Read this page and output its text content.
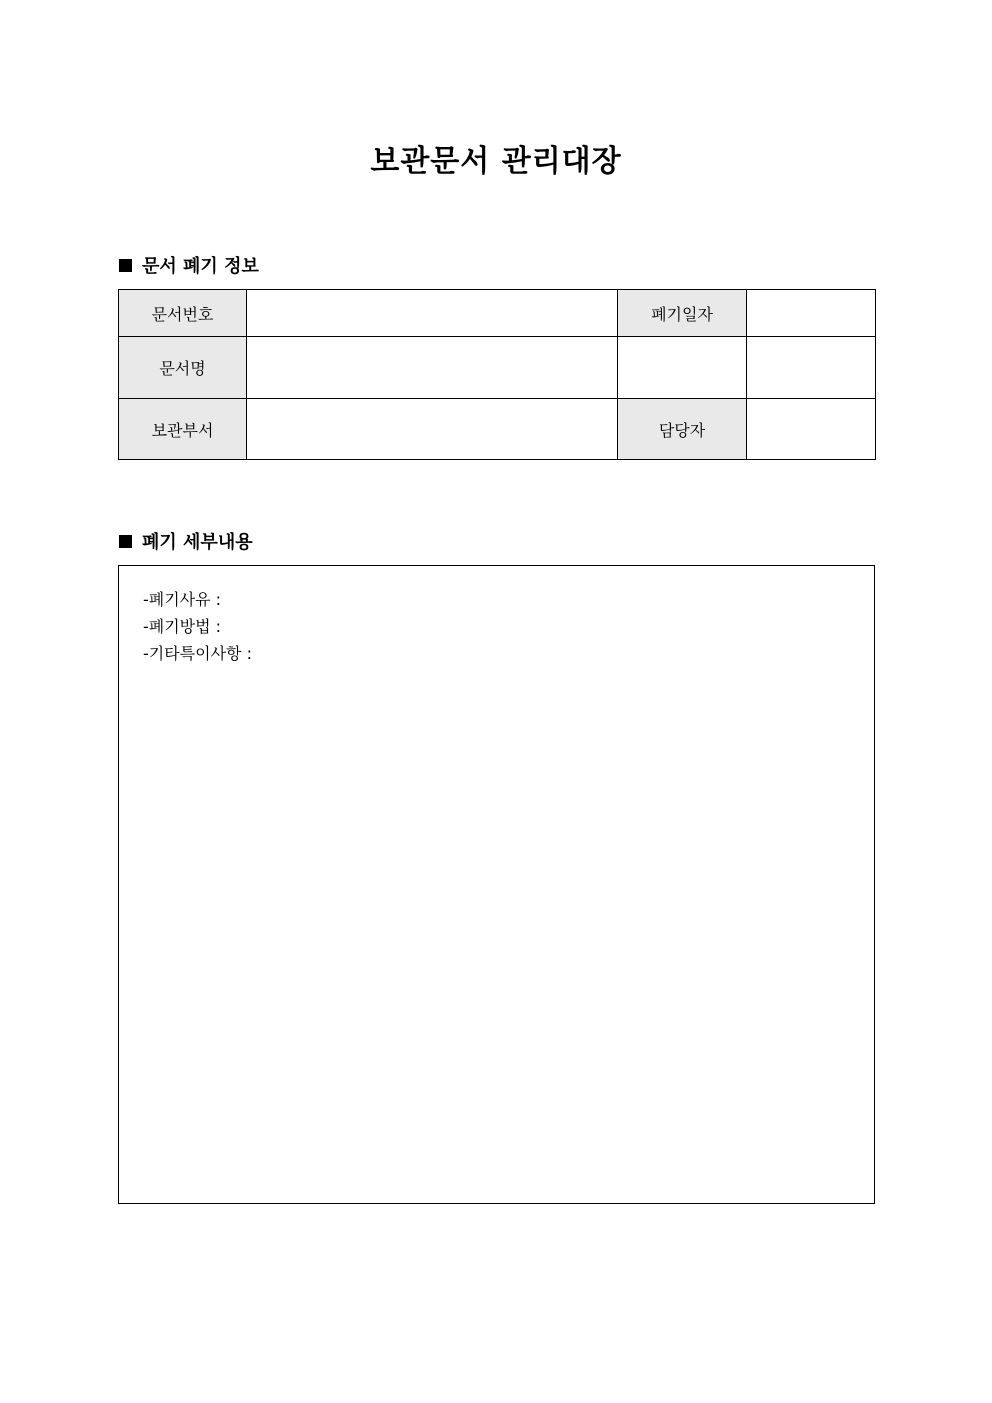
보관문서 관리대장
문서 폐기 정보
문서번호		폐기일자	
문서명			
보관부서		담당자	
폐기 세부내용
-폐기사유 :
-폐기방법 :
-기타특이사항 :
